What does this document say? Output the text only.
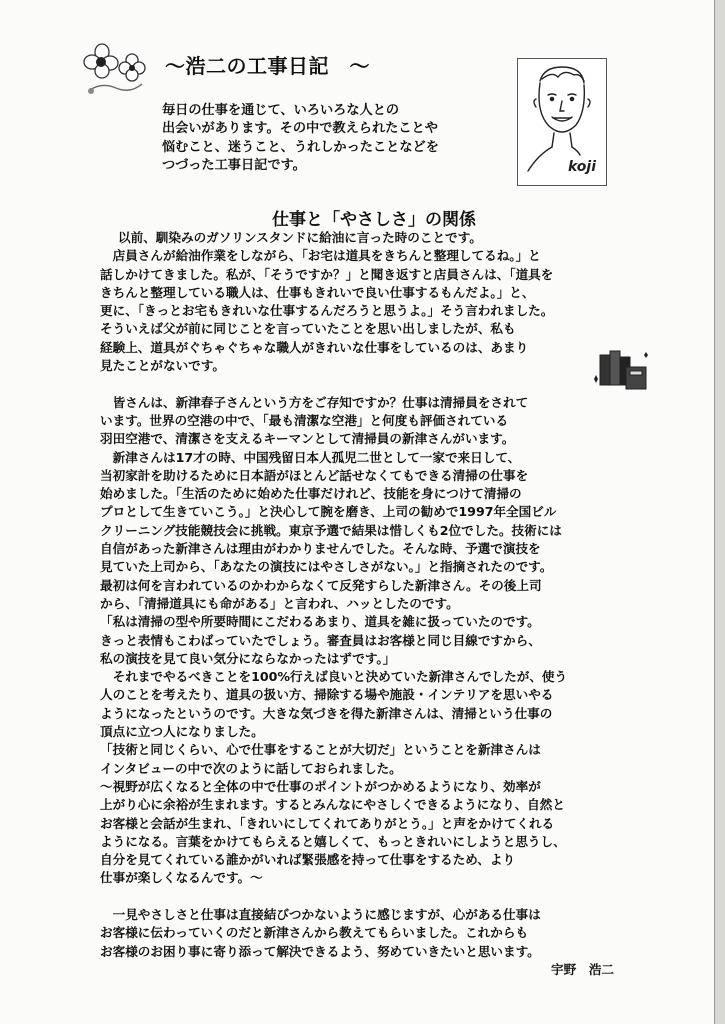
～浩二の工事日記　～
毎日の仕事を通じて、いろいろな人との
出会いがあります。その中で教えられたことや
悩むこと、迷うこと、うれしかったことなどを
つづった工事日記です。	koji
仕事と「やさしさ」の関係
以前、馴染みのガソリンスタンドに給油に言った時のことです。
　店員さんが給油作業をしながら、「お宅は道具をきちんと整理してるね。」と
話しかけてきました。私が、「そうですか？」と聞き返すと店員さんは、「道具を
きちんと整理している職人は、仕事もきれいで良い仕事するもんだよ。」と、
更に、「きっとお宅もきれいな仕事するんだろうと思うよ。」そう言われました。
そういえば父が前に同じことを言っていたことを思い出しましたが、私も
経験上、道具がぐちゃぐちゃな職人がきれいな仕事をしているのは、あまり
見たことがないです。
　皆さんは、新津春子さんという方をご存知ですか？仕事は清掃員をされて
います。世界の空港の中で、「最も清潔な空港」と何度も評価されている
羽田空港で、清潔さを支えるキーマンとして清掃員の新津さんがいます。
　新津さんは17才の時、中国残留日本人孤児二世として一家で来日して、
当初家計を助けるために日本語がほとんど話せなくてもできる清掃の仕事を
始めました。「生活のために始めた仕事だけれど、技能を身につけて清掃の
プロとして生きていこう。」と決心して腕を磨き、上司の勧めで1997年全国ビル
クリーニング技能競技会に挑戦。東京予選で結果は惜しくも2位でした。技術には
自信があった新津さんは理由がわかりませんでした。そんな時、予選で演技を
見ていた上司から、「あなたの演技にはやさしさがない。」と指摘されたのです。
最初は何を言われているのかわからなくて反発すらした新津さん。その後上司
から、「清掃道具にも命がある」と言われ、ハッとしたのです。
「私は清掃の型や所要時間にこだわるあまり、道具を雑に扱っていたのです。
きっと表情もこわばっていたでしょう。審査員はお客様と同じ目線ですから、
私の演技を見て良い気分にならなかったはずです。」
　それまでやるべきことを100%行えば良いと決めていた新津さんでしたが、使う
人のことを考えたり、道具の扱い方、掃除する場や施設・インテリアを思いやる
ようになったというのです。大きな気づきを得た新津さんは、清掃という仕事の
頂点に立つ人になりました。
「技術と同じくらい、心で仕事をすることが大切だ」ということを新津さんは
インタビューの中で次のように話しておられました。
～視野が広くなると全体の中で仕事のポイントがつかめるようになり、効率が
上がり心に余裕が生まれます。するとみんなにやさしくできるようになり、自然と
お客様と会話が生まれ、「きれいにしてくれてありがとう。」と声をかけてくれる
ようになる。言葉をかけてもらえると嬉しくて、もっときれいにしようと思うし、
自分を見てくれている誰かがいれば緊張感を持って仕事をするため、より
仕事が楽しくなるんです。～
　一見やさしさと仕事は直接結びつかないように感じますが、心がある仕事は
お客様に伝わっていくのだと新津さんから教えてもらいました。これからも
お客様のお困り事に寄り添って解決できるよう、努めていきたいと思います。
宇野　浩二
